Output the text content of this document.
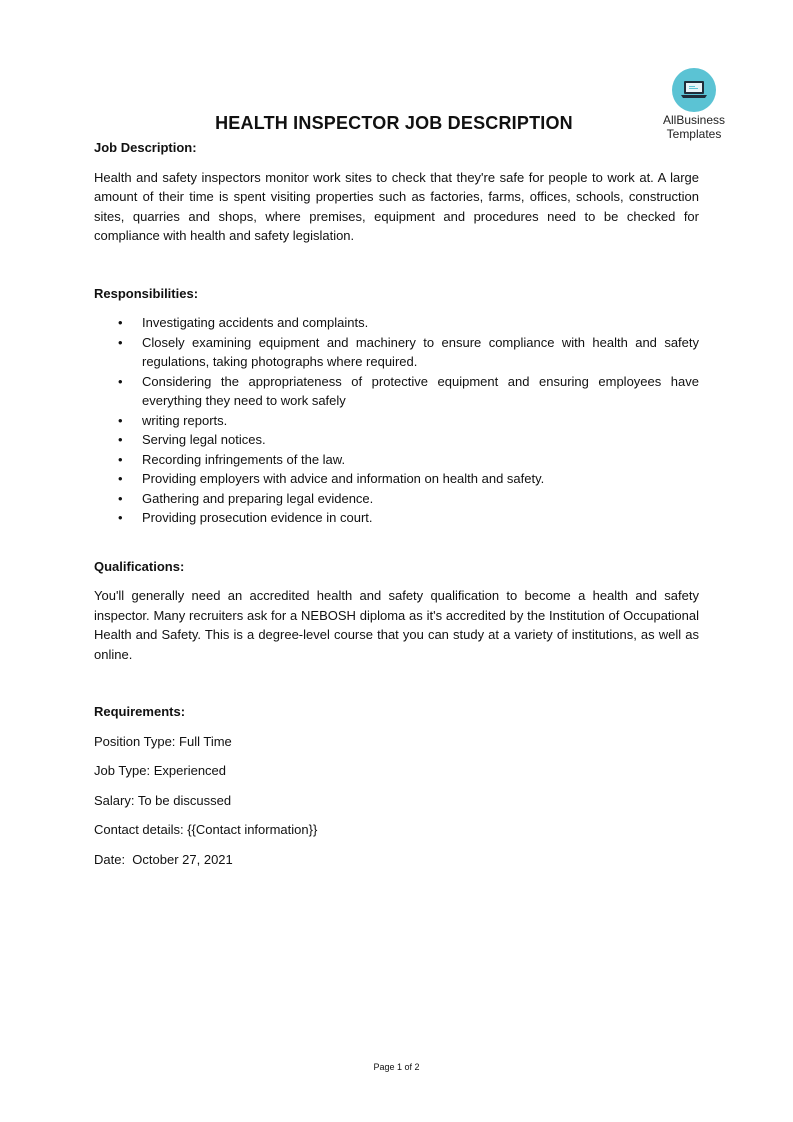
AllBusiness
Templates
HEALTH INSPECTOR JOB DESCRIPTION
Job Description:

Health and safety inspectors monitor work sites to check that they're safe for people to work at. A large amount of their time is spent visiting properties such as factories, farms, offices, schools, construction sites, quarries and shops, where premises, equipment and procedures need to be checked for compliance with health and safety legislation.

Responsibilities:
• Investigating accidents and complaints.
• Closely examining equipment and machinery to ensure compliance with health and safety regulations, taking photographs where required.
• Considering the appropriateness of protective equipment and ensuring employees have everything they need to work safely
• writing reports.
• Serving legal notices.
• Recording infringements of the law.
• Providing employers with advice and information on health and safety.
• Gathering and preparing legal evidence.
• Providing prosecution evidence in court.
Qualifications:

You'll generally need an accredited health and safety qualification to become a health and safety inspector. Many recruiters ask for a NEBOSH diploma as it's accredited by the Institution of Occupational Health and Safety. This is a degree-level course that you can study at a variety of institutions, as well as online.

Requirements:
Position Type: Full Time
Job Type: Experienced
Salary: To be discussed
Contact details: {{Contact information}}
Date:  October 27, 2021
Page 1 of 2
